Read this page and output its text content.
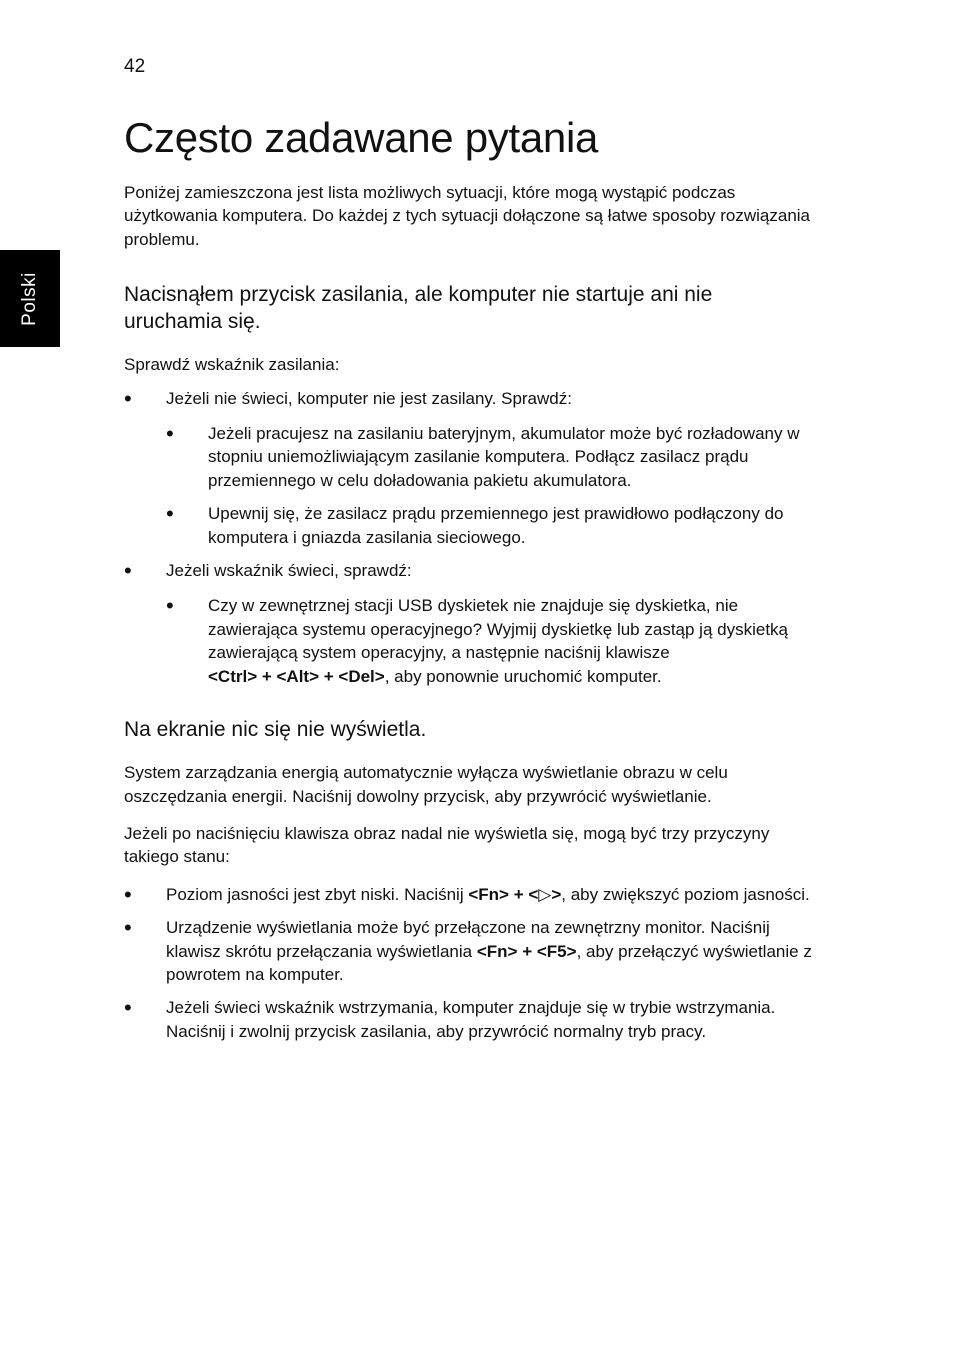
42
Polski
Często zadawane pytania

Poniżej zamieszczona jest lista możliwych sytuacji, które mogą wystąpić podczas użytkowania komputera. Do każdej z tych sytuacji dołączone są łatwe sposoby rozwiązania problemu.

Nacisnąłem przycisk zasilania, ale komputer nie startuje ani nie uruchamia się.

Sprawdź wskaźnik zasilania:

• Jeżeli nie świeci, komputer nie jest zasilany. Sprawdź:
• Jeżeli pracujesz na zasilaniu bateryjnym, akumulator może być rozładowany w stopniu uniemożliwiającym zasilanie komputera. Podłącz zasilacz prądu przemiennego w celu doładowania pakietu akumulatora.
• Upewnij się, że zasilacz prądu przemiennego jest prawidłowo podłączony do komputera i gniazda zasilania sieciowego.
• Jeżeli wskaźnik świeci, sprawdź:
• Czy w zewnętrznej stacji USB dyskietek nie znajduje się dyskietka, nie zawierająca systemu operacyjnego? Wyjmij dyskietkę lub zastąp ją dyskietką zawierającą system operacyjny, a następnie naciśnij klawisze
<Ctrl> + <Alt> + <Del>, aby ponownie uruchomić komputer.
Na ekranie nic się nie wyświetla.

System zarządzania energią automatycznie wyłącza wyświetlanie obrazu w celu oszczędzania energii. Naciśnij dowolny przycisk, aby przywrócić wyświetlanie.

Jeżeli po naciśnięciu klawisza obraz nadal nie wyświetla się, mogą być trzy przyczyny takiego stanu:

• Poziom jasności jest zbyt niski. Naciśnij <Fn> + <▷>, aby zwiększyć poziom jasności.
• Urządzenie wyświetlania może być przełączone na zewnętrzny monitor. Naciśnij klawisz skrótu przełączania wyświetlania <Fn> + <F5>, aby przełączyć wyświetlanie z powrotem na komputer.
• Jeżeli świeci wskaźnik wstrzymania, komputer znajduje się w trybie wstrzymania. Naciśnij i zwolnij przycisk zasilania, aby przywrócić normalny tryb pracy.
